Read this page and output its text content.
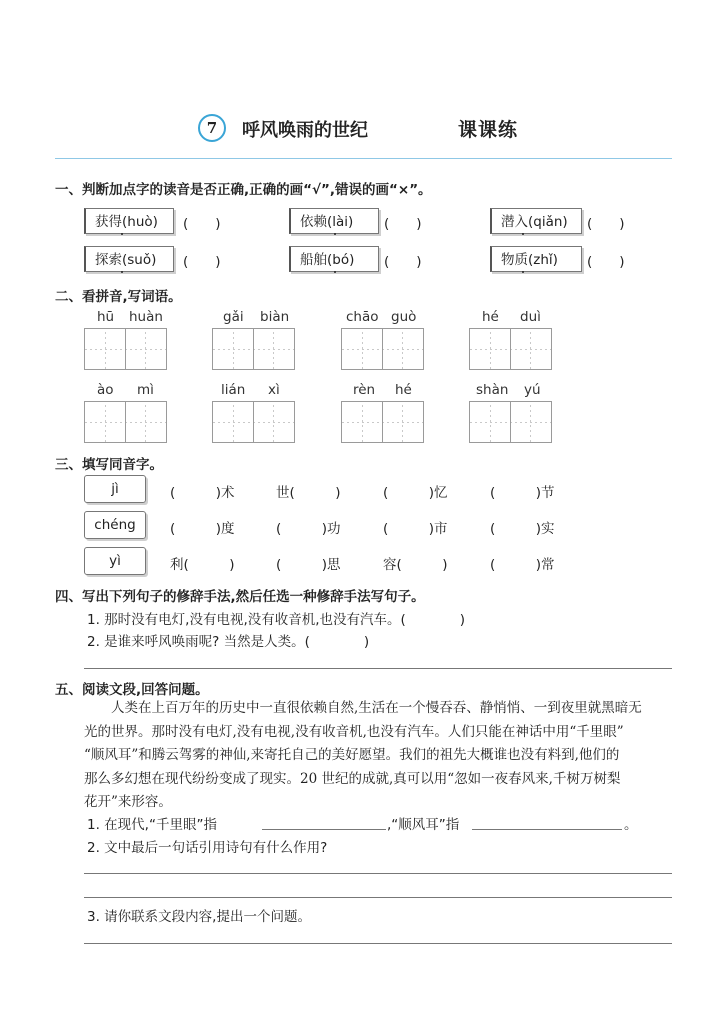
7	呼风唤雨的世纪	课课练
一、判断加点字的读音是否正确,正确的画“√”,错误的画“×”。
获得(huò)	(　　)	依赖(lài)	(　　)	潜入(qiǎn)	(　　)
探索(suǒ)	(　　)	船舶(bó)	(　　)	物质(zhǐ)	(　　)
二、看拼音,写词语。
hū huàn	gǎi biàn	chāo guò	hé duì
ào mì	lián xì	rèn hé	shàn yú
三、填写同音字。
jì	(　　　)术	世(　　　)	(　　　)忆	(　　　)节
chéng	(　　　)度	(　　　)功	(　　　)市	(　　　)实
yì	利(　　　)	(　　　)思	容(　　　)	(　　　)常
四、写出下列句子的修辞手法,然后任选一种修辞手法写句子。
1. 那时没有电灯,没有电视,没有收音机,也没有汽车。(　　　　)
2. 是谁来呼风唤雨呢? 当然是人类。(　　　　)
五、阅读文段,回答问题。
　　人类在上百万年的历史中一直很依赖自然,生活在一个慢吞吞、静悄悄、一到夜里就黑暗无
光的世界。那时没有电灯,没有电视,没有收音机,也没有汽车。人们只能在神话中用“千里眼”
“顺风耳”和腾云驾雾的神仙,来寄托自己的美好愿望。我们的祖先大概谁也没有料到,他们的
那么多幻想在现代纷纷变成了现实。20 世纪的成就,真可以用“忽如一夜春风来,千树万树梨
花开”来形容。
1. 在现代,“千里眼”指	,“顺风耳”指	。
2. 文中最后一句话引用诗句有什么作用?
3. 请你联系文段内容,提出一个问题。
